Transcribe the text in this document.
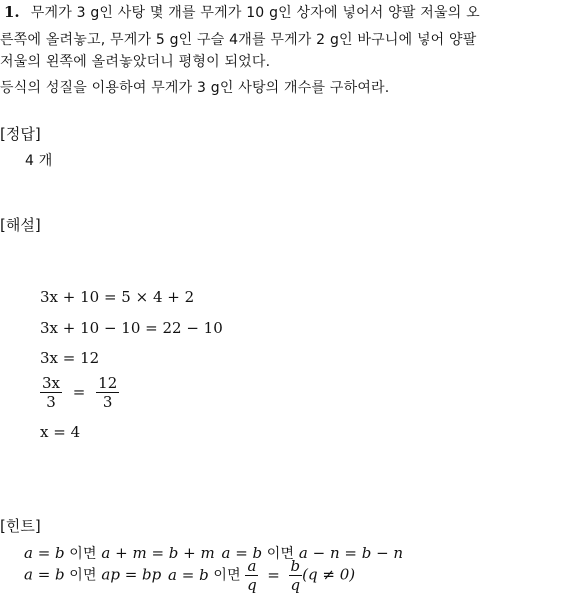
1. 무게가 3 g인 사탕 몇 개를 무게가 10 g인 상자에 넣어서 양팔 저울의 오
른쪽에 올려놓고, 무게가 5 g인 구슬 4개를 무게가 2 g인 바구니에 넣어 양팔
저울의 왼쪽에 올려놓았더니 평형이 되었다.
등식의 성질을 이용하여 무게가 3 g인 사탕의 개수를 구하여라.
[정답]
4 개
[해설]
3x + 10 = 5 × 4 + 2
3x + 10 − 10 = 22 − 10
3x = 12
$\frac{3x}{3} = \frac{12}{3}$
x = 4
[힌트]
a = b 이면 a + m = b + m a = b 이면 a − n = b − n
a = b 이면 ap = bp a = b 이면 $\frac{a}{q} = \frac{b}{q} (q \ne 0)$
